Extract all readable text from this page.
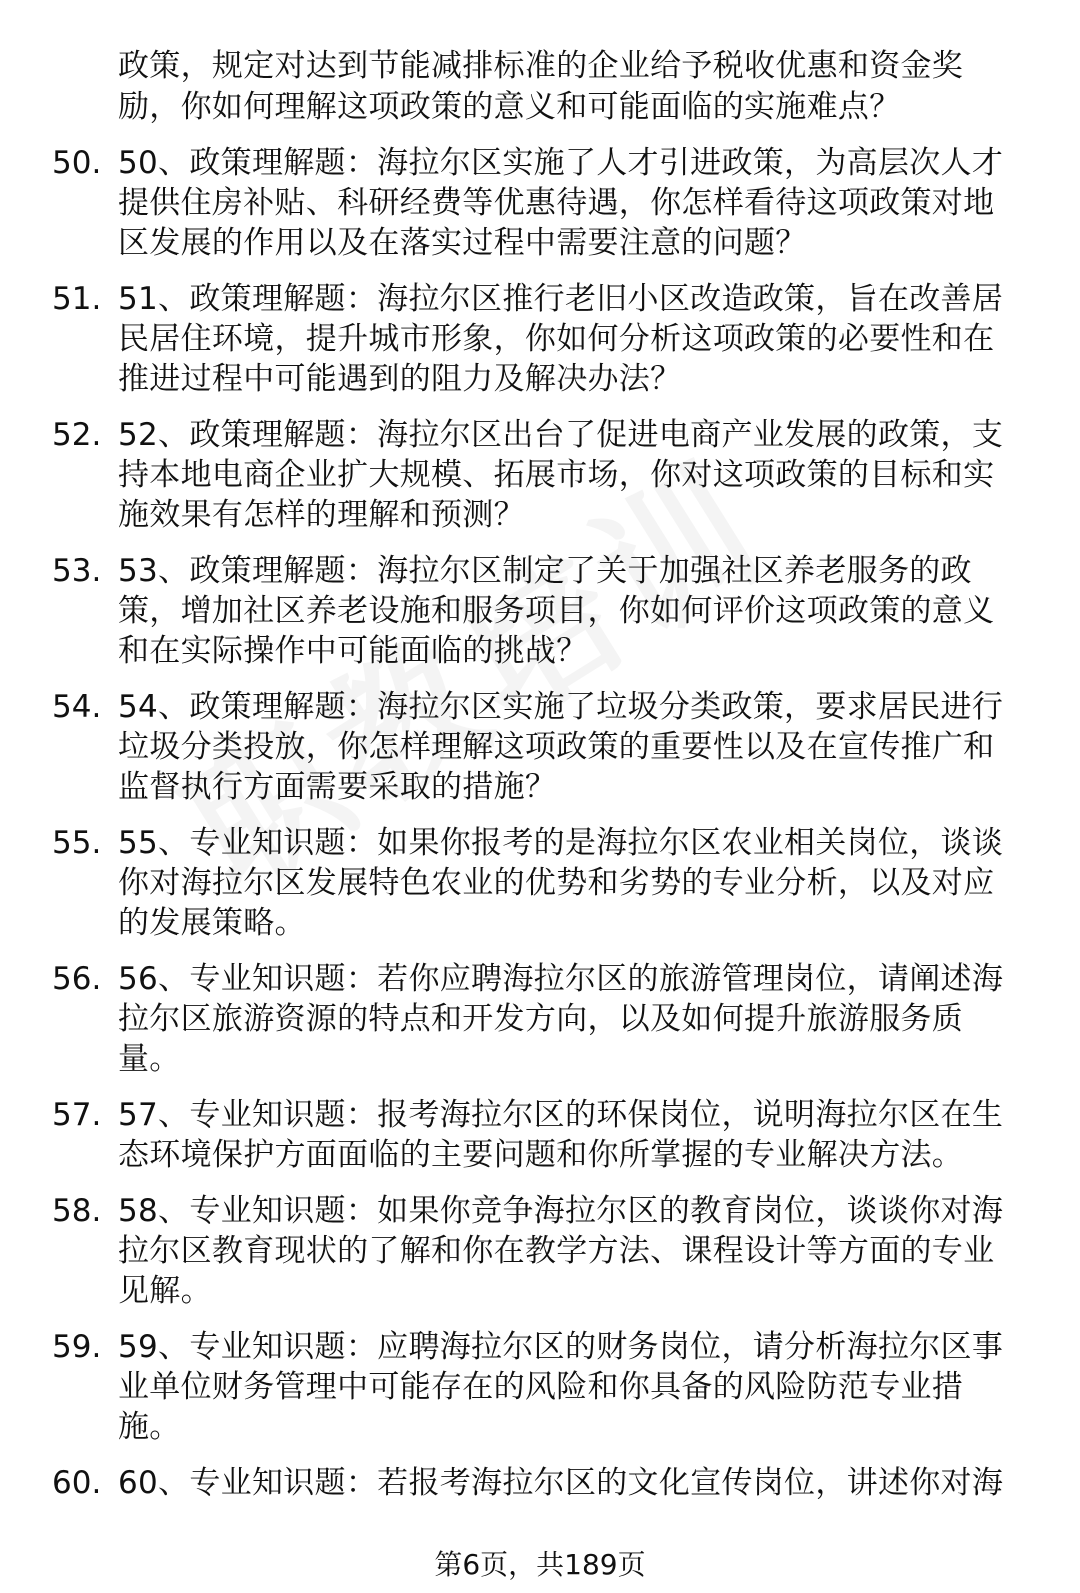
政策，规定对达到节能减排标准的企业给予税收优惠和资金奖
励，你如何理解这项政策的意义和可能面临的实施难点？
50. 50、政策理解题：海拉尔区实施了人才引进政策，为高层次人才
提供住房补贴、科研经费等优惠待遇，你怎样看待这项政策对地
区发展的作用以及在落实过程中需要注意的问题？
51. 51、政策理解题：海拉尔区推行老旧小区改造政策，旨在改善居
民居住环境，提升城市形象，你如何分析这项政策的必要性和在
推进过程中可能遇到的阻力及解决办法？
52. 52、政策理解题：海拉尔区出台了促进电商产业发展的政策，支
持本地电商企业扩大规模、拓展市场，你对这项政策的目标和实
施效果有怎样的理解和预测？
53. 53、政策理解题：海拉尔区制定了关于加强社区养老服务的政
策，增加社区养老设施和服务项目，你如何评价这项政策的意义
和在实际操作中可能面临的挑战？
54. 54、政策理解题：海拉尔区实施了垃圾分类政策，要求居民进行
垃圾分类投放，你怎样理解这项政策的重要性以及在宣传推广和
监督执行方面需要采取的措施？
55. 55、专业知识题：如果你报考的是海拉尔区农业相关岗位，谈谈
你对海拉尔区发展特色农业的优势和劣势的专业分析，以及对应
的发展策略。
56. 56、专业知识题：若你应聘海拉尔区的旅游管理岗位，请阐述海
拉尔区旅游资源的特点和开发方向，以及如何提升旅游服务质
量。
57. 57、专业知识题：报考海拉尔区的环保岗位，说明海拉尔区在生
态环境保护方面面临的主要问题和你所掌握的专业解决方法。
58. 58、专业知识题：如果你竞争海拉尔区的教育岗位，谈谈你对海
拉尔区教育现状的了解和你在教学方法、课程设计等方面的专业
见解。
59. 59、专业知识题：应聘海拉尔区的财务岗位，请分析海拉尔区事
业单位财务管理中可能存在的风险和你具备的风险防范专业措
施。
60. 60、专业知识题：若报考海拉尔区的文化宣传岗位，讲述你对海
第6页，共189页
